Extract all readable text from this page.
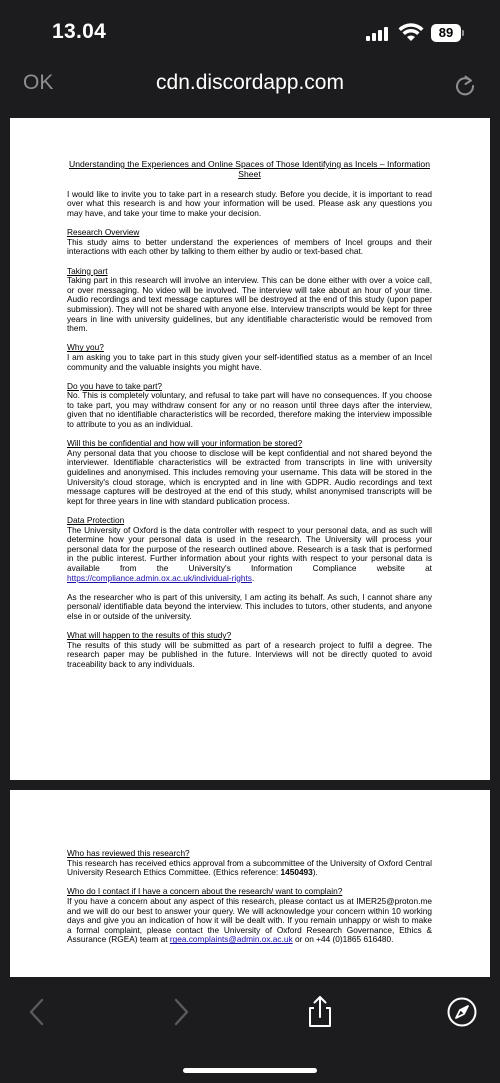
13.04	89
cdn.discordapp.com
OK
Understanding the Experiences and Online Spaces of Those Identifying as Incels – Information Sheet

I would like to invite you to take part in a research study. Before you decide, it is important to read over what this research is and how your information will be used. Please ask any questions you may have, and take your time to make your decision.

Research Overview
This study aims to better understand the experiences of members of Incel groups and their interactions with each other by talking to them either by audio or text-based chat.
Taking part
Taking part in this research will involve an interview. This can be done either with over a voice call, or over messaging. No video will be involved. The interview will take about an hour of your time. Audio recordings and text message captures will be destroyed at the end of this study (upon paper submission). They will not be shared with anyone else. Interview transcripts would be kept for three years in line with university guidelines, but any identifiable characteristic would be removed from them.
Why you?
I am asking you to take part in this study given your self-identified status as a member of an Incel community and the valuable insights you might have.
Do you have to take part?
No. This is completely voluntary, and refusal to take part will have no consequences. If you choose to take part, you may withdraw consent for any or no reason until three days after the interview, given that no identifiable characteristics will be recorded, therefore making the interview impossible to attribute to you as an individual.
Will this be confidential and how will your information be stored?
Any personal data that you choose to disclose will be kept confidential and not shared beyond the interviewer. Identifiable characteristics will be extracted from transcripts in line with university guidelines and anonymised. This includes removing your username. This data will be stored in the University's cloud storage, which is encrypted and in line with GDPR. Audio recordings and text message captures will be destroyed at the end of this study, whilst anonymised transcripts will be kept for three years in line with standard publication process.
Data Protection
The University of Oxford is the data controller with respect to your personal data, and as such will determine how your personal data is used in the research. The University will process your personal data for the purpose of the research outlined above. Research is a task that is performed in the public interest. Further information about your rights with respect to your personal data is available from the University's Information Compliance website at https://compliance.admin.ox.ac.uk/individual-rights.

As the researcher who is part of this university, I am acting its behalf. As such, I cannot share any personal/ identifiable data beyond the interview. This includes to tutors, other students, and anyone else in or outside of the university.

What will happen to the results of this study?
The results of this study will be submitted as part of a research project to fulfil a degree. The research paper may be published in the future. Interviews will not be directly quoted to avoid traceability back to any individuals.
Who has reviewed this research?
This research has received ethics approval from a subcommittee of the University of Oxford Central University Research Ethics Committee. (Ethics reference: 1450493).
Who do I contact if I have a concern about the research/ want to complain?
If you have a concern about any aspect of this research, please contact us at IMER25@proton.me and we will do our best to answer your query. We will acknowledge your concern within 10 working days and give you an indication of how it will be dealt with. If you remain unhappy or wish to make a formal complaint, please contact the University of Oxford Research Governance, Ethics & Assurance (RGEA) team at rgea.complaints@admin.ox.ac.uk or on +44 (0)1865 616480.
